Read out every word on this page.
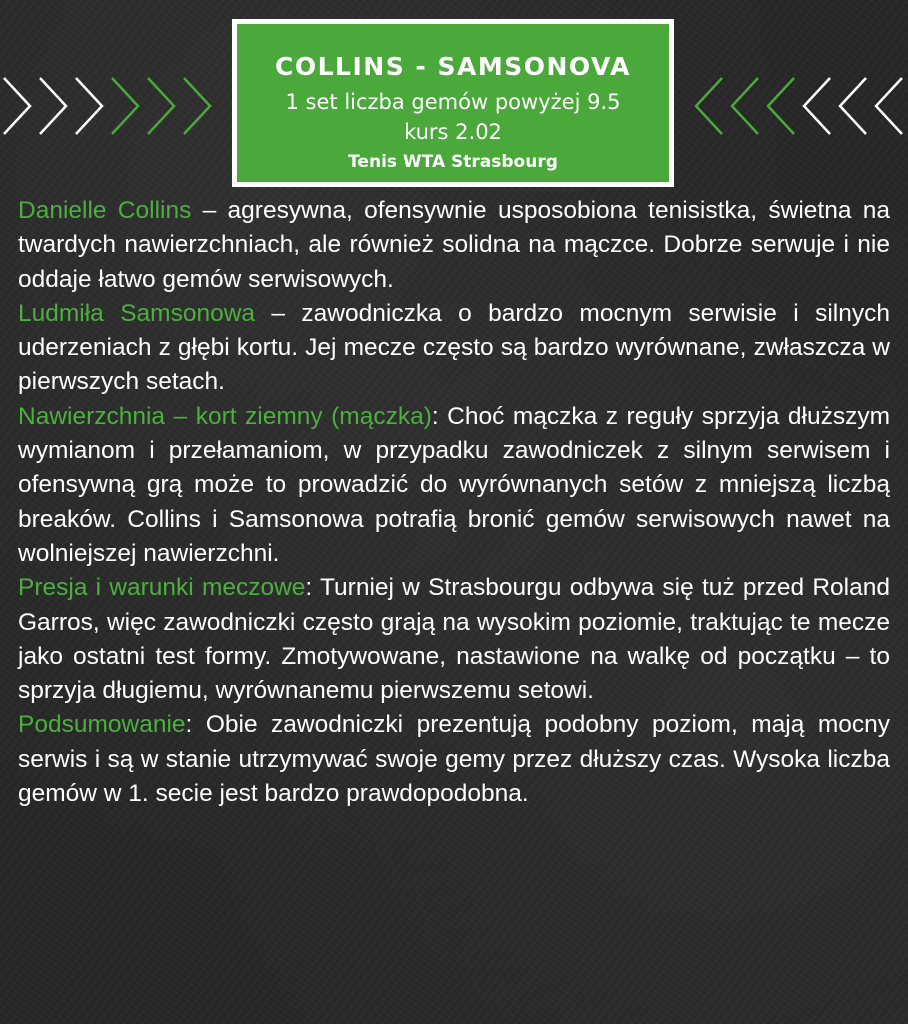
COLLINS - SAMSONOVA
1 set liczba gemów powyżej 9.5
kurs 2.02
Tenis WTA Strasbourg

Danielle Collins – agresywna, ofensywnie usposobiona tenisistka, świetna na twardych nawierzchniach, ale również solidna na mączce. Dobrze serwuje i nie oddaje łatwo gemów serwisowych.

Ludmiła Samsonowa – zawodniczka o bardzo mocnym serwisie i silnych uderzeniach z głębi kortu. Jej mecze często są bardzo wyrównane, zwłaszcza w pierwszych setach.

Nawierzchnia – kort ziemny (mączka): Choć mączka z reguły sprzyja dłuższym wymianom i przełamaniom, w przypadku zawodniczek z silnym serwisem i ofensywną grą może to prowadzić do wyrównanych setów z mniejszą liczbą breaków. Collins i Samsonowa potrafią bronić gemów serwisowych nawet na wolniejszej nawierzchni.

Presja i warunki meczowe: Turniej w Strasbourgu odbywa się tuż przed Roland Garros, więc zawodniczki często grają na wysokim poziomie, traktując te mecze jako ostatni test formy. Zmotywowane, nastawione na walkę od początku – to sprzyja długiemu, wyrównanemu pierwszemu setowi.

Podsumowanie: Obie zawodniczki prezentują podobny poziom, mają mocny serwis i są w stanie utrzymywać swoje gemy przez dłuższy czas. Wysoka liczba gemów w 1. secie jest bardzo prawdopodobna.
